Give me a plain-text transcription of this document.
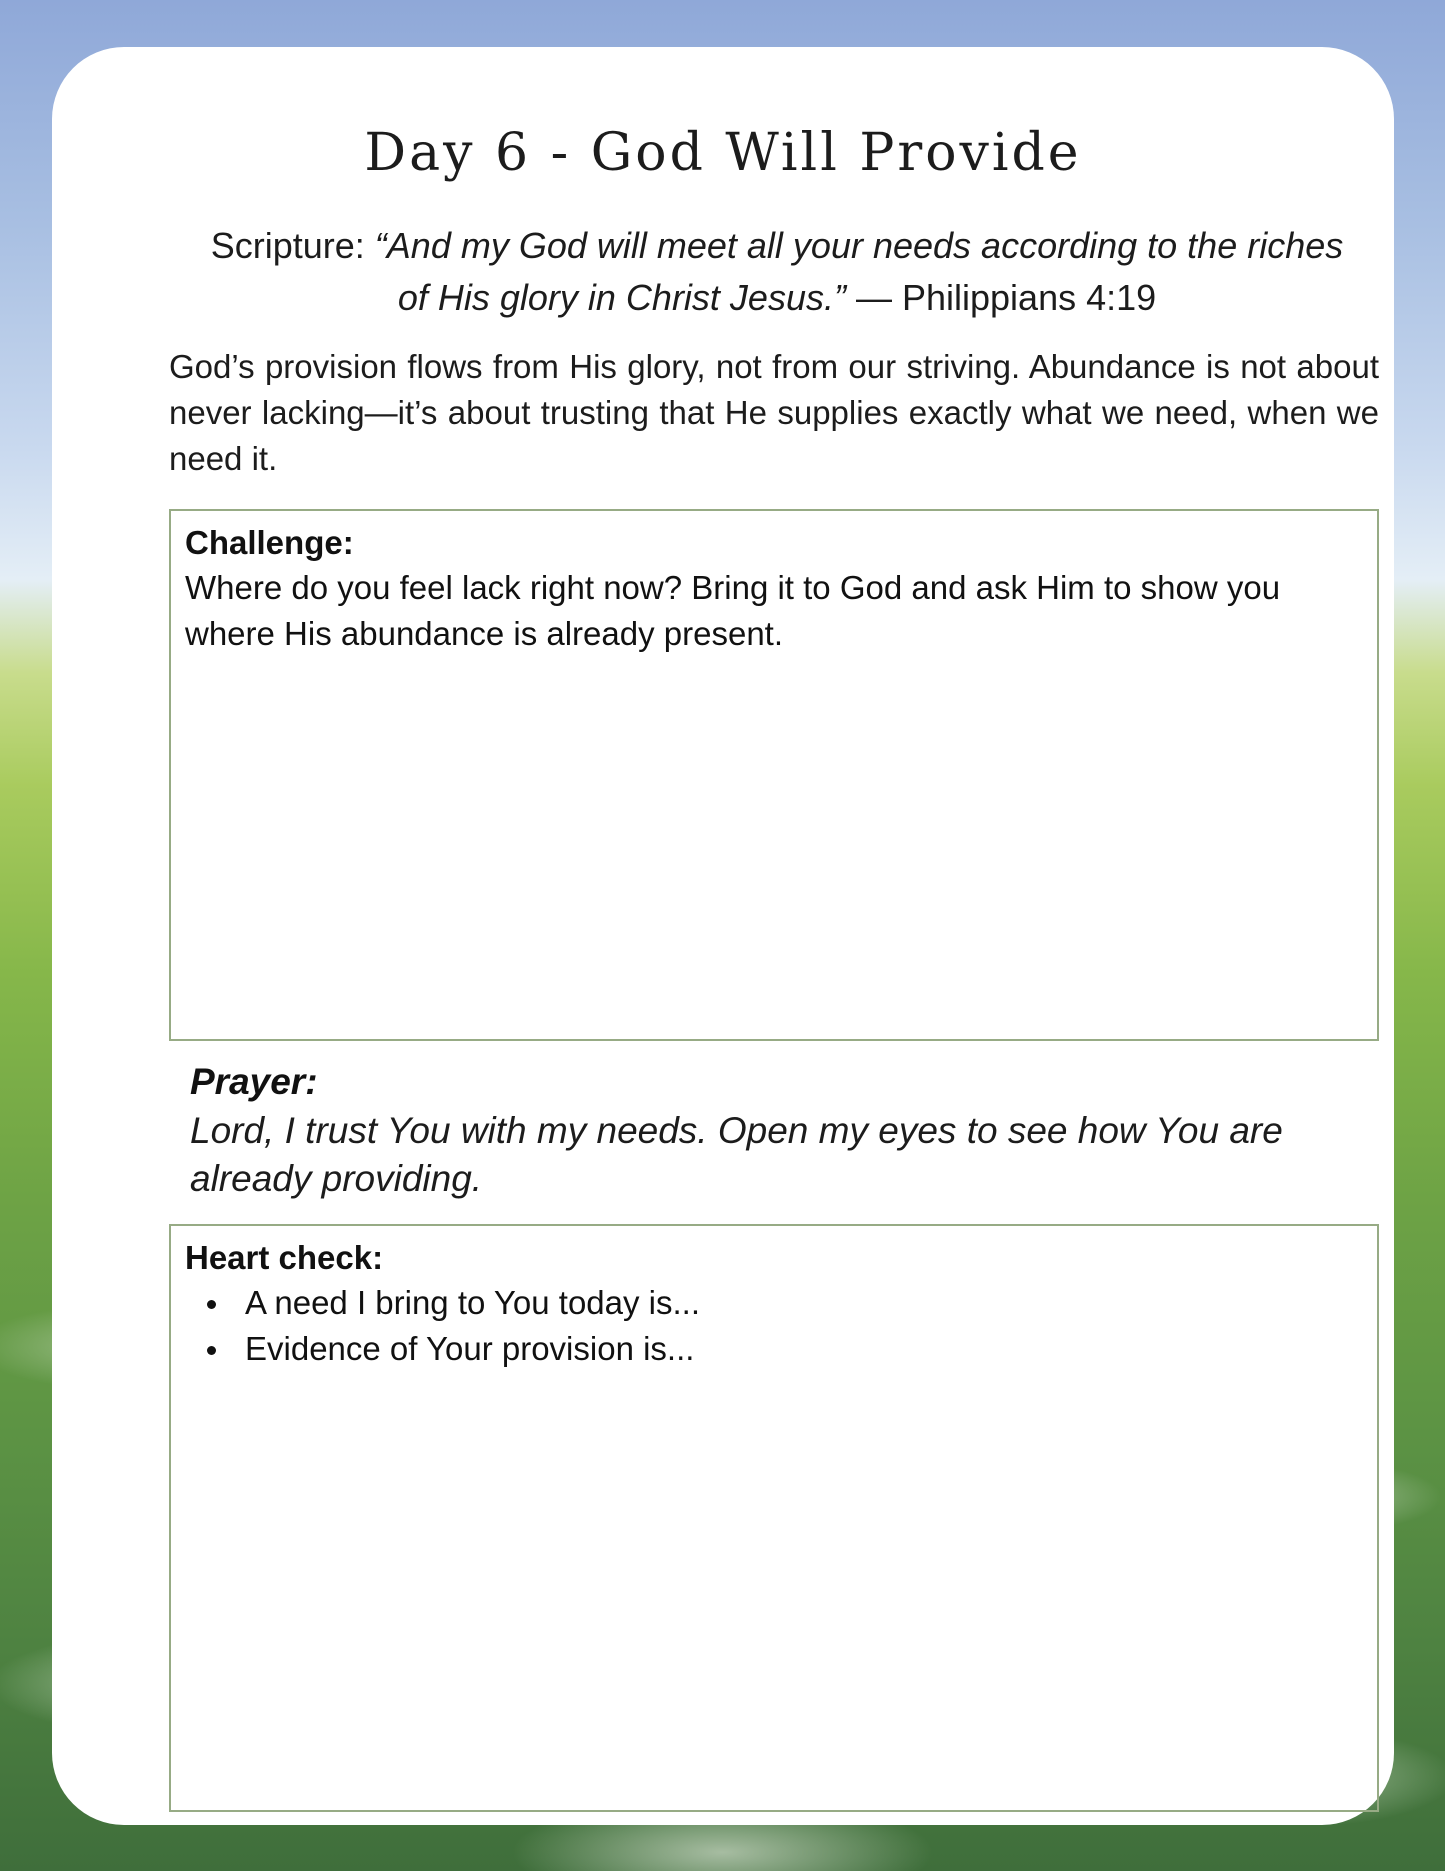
Day 6 - God Will Provide

Scripture: “And my God will meet all your needs according to the riches of His glory in Christ Jesus.” — Philippians 4:19

God’s provision flows from His glory, not from our striving. Abundance is not about never lacking—it’s about trusting that He supplies exactly what we need, when we need it.

Challenge:

Where do you feel lack right now? Bring it to God and ask Him to show you where His abundance is already present.

Prayer:

Lord, I trust You with my needs. Open my eyes to see how You are already providing.

Heart check:

A need I bring to You today is...
Evidence of Your provision is...
